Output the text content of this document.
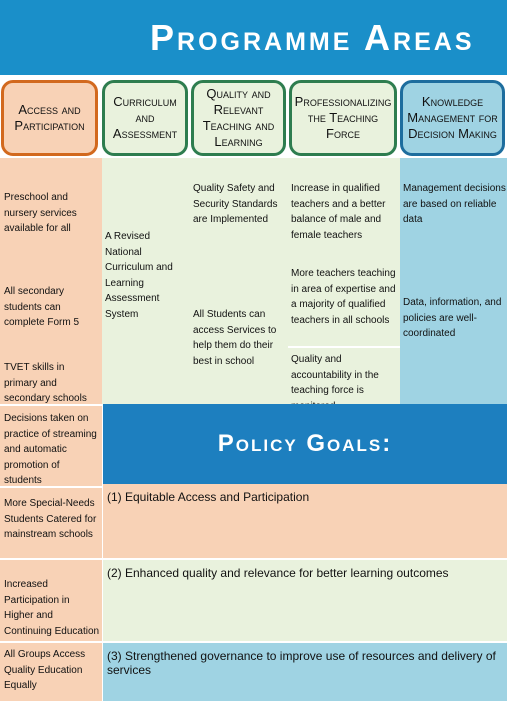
Programme Areas
Access and Participation
Curriculum and Assessment
Quality and Relevant Teaching and Learning
Professionalizing the Teaching Force
Knowledge Management for Decision Making
Preschool and nursery services available for all
All secondary students can complete Form 5
TVET skills in primary and secondary schools
Decisions taken on practice of streaming and automatic promotion of students
More Special-Needs Students Catered for mainstream schools
Increased Participation in Higher and Continuing Education
All Groups Access Quality Education Equally
A Revised National Curriculum and Learning Assessment System
Quality Safety and Security Standards are Implemented
All Students can access Services to help them do their best in school
Increase in qualified teachers and a better balance of male and female teachers
More teachers teaching in area of expertise and a majority of qualified teachers in all schools
Quality and accountability in the teaching force is
Management decisions are based on reliable data
Data, information, and policies are well-coordinated
Policy Goals:
(1) Equitable Access and Participation
(2) Enhanced quality and relevance for better learning outcomes
(3) Strengthened governance to improve use of resources and delivery of services
